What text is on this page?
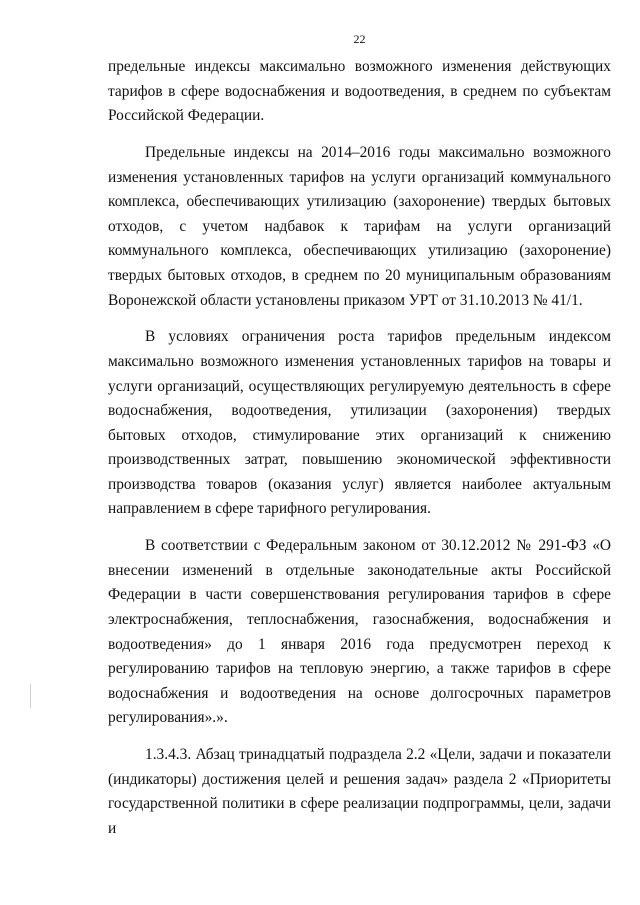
22

предельные индексы максимально возможного изменения действующих тарифов в сфере водоснабжения и водоотведения, в среднем по субъектам Российской Федерации.

Предельные индексы на 2014–2016 годы максимально возможного изменения установленных тарифов на услуги организаций коммунального комплекса, обеспечивающих утилизацию (захоронение) твердых бытовых отходов, с учетом надбавок к тарифам на услуги организаций коммунального комплекса, обеспечивающих утилизацию (захоронение) твердых бытовых отходов, в среднем по 20 муниципальным образованиям Воронежской области установлены приказом УРТ от 31.10.2013 № 41/1.

В условиях ограничения роста тарифов предельным индексом максимально возможного изменения установленных тарифов на товары и услуги организаций, осуществляющих регулируемую деятельность в сфере водоснабжения, водоотведения, утилизации (захоронения) твердых бытовых отходов, стимулирование этих организаций к снижению производственных затрат, повышению экономической эффективности производства товаров (оказания услуг) является наиболее актуальным направлением в сфере тарифного регулирования.

В соответствии с Федеральным законом от 30.12.2012 № 291-ФЗ «О внесении изменений в отдельные законодательные акты Российской Федерации в части совершенствования регулирования тарифов в сфере электроснабжения, теплоснабжения, газоснабжения, водоснабжения и водоотведения» до 1 января 2016 года предусмотрен переход к регулированию тарифов на тепловую энергию, а также тарифов в сфере водоснабжения и водоотведения на основе долгосрочных параметров регулирования».».

1.3.4.3. Абзац тринадцатый подраздела 2.2 «Цели, задачи и показатели (индикаторы) достижения целей и решения задач» раздела 2 «Приоритеты государственной политики в сфере реализации подпрограммы, цели, задачи и
